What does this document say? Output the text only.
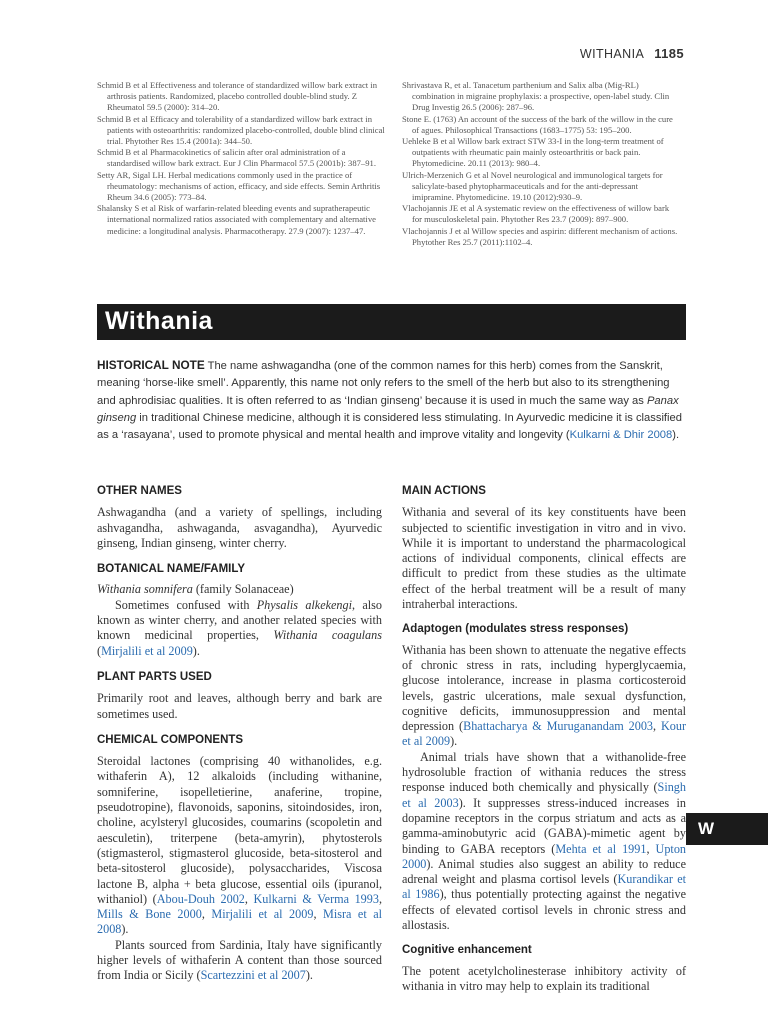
WITHANIA 1185

Schmid B et al Effectiveness and tolerance of standardized willow bark extract in arthrosis patients. Randomized, placebo controlled double-blind study. Z Rheumatol 59.5 (2000): 314–20.

Schmid B et al Efficacy and tolerability of a standardized willow bark extract in patients with osteoarthritis: randomized placebo-controlled, double blind clinical trial. Phytother Res 15.4 (2001a): 344–50.

Schmid B et al Pharmacokinetics of salicin after oral administration of a standardised willow bark extract. Eur J Clin Pharmacol 57.5 (2001b): 387–91.

Setty AR, Sigal LH. Herbal medications commonly used in the practice of rheumatology: mechanisms of action, efficacy, and side effects. Semin Arthritis Rheum 34.6 (2005): 773–84.

Shalansky S et al Risk of warfarin-related bleeding events and supratherapeutic international normalized ratios associated with complementary and alternative medicine: a longitudinal analysis. Pharmacotherapy. 27.9 (2007): 1237–47.

Shrivastava R, et al. Tanacetum parthenium and Salix alba (Mig-RL) combination in migraine prophylaxis: a prospective, open-label study. Clin Drug Investig 26.5 (2006): 287–96.

Stone E. (1763) An account of the success of the bark of the willow in the cure of agues. Philosophical Transactions (1683–1775) 53: 195–200.

Uehleke B et al Willow bark extract STW 33-I in the long-term treatment of outpatients with rheumatic pain mainly osteoarthritis or back pain. Phytomedicine. 20.11 (2013): 980–4.

Ulrich-Merzenich G et al Novel neurological and immunological targets for salicylate-based phytopharmaceuticals and for the anti-depressant imipramine. Phytomedicine. 19.10 (2012):930–9.

Vlachojannis JE et al A systematic review on the effectiveness of willow bark for musculoskeletal pain. Phytother Res 23.7 (2009): 897–900.

Vlachojannis J et al Willow species and aspirin: different mechanism of actions. Phytother Res 25.7 (2011):1102–4.

Withania
HISTORICAL NOTE The name ashwagandha (one of the common names for this herb) comes from the Sanskrit, meaning ‘horse-like smell’. Apparently, this name not only refers to the smell of the herb but also to its strengthening and aphrodisiac qualities. It is often referred to as ‘Indian ginseng’ because it is used in much the same way as Panax ginseng in traditional Chinese medicine, although it is considered less stimulating. In Ayurvedic medicine it is classified as a ‘rasayana’, used to promote physical and mental health and improve vitality and longevity (Kulkarni & Dhir 2008).

OTHER NAMES

Ashwagandha (and a variety of spellings, including ashvagandha, ashwaganda, asvagandha), Ayurvedic ginseng, Indian ginseng, winter cherry.

BOTANICAL NAME/FAMILY

Withania somnifera (family Solanaceae)

Sometimes confused with Physalis alkekengi, also known as winter cherry, and another related species with known medicinal properties, Withania coagulans (Mirjalili et al 2009).

PLANT PARTS USED

Primarily root and leaves, although berry and bark are sometimes used.

CHEMICAL COMPONENTS

Steroidal lactones (comprising 40 withanolides, e.g. withaferin A), 12 alkaloids (including withanine, somniferine, isopelletierine, anaferine, tropine, pseudotropine), flavonoids, saponins, sitoindosides, iron, choline, acylsteryl glucosides, coumarins (scopoletin and aesculetin), triterpene (beta-amyrin), phytosterols (stigmasterol, stigmasterol glucoside, beta-sitosterol and beta-sitosterol glucoside), polysaccharides, Viscosa lactone B, alpha + beta glucose, essential oils (ipuranol, withaniol) (Abou-Douh 2002, Kulkarni & Verma 1993, Mills & Bone 2000, Mirjalili et al 2009, Misra et al 2008).

Plants sourced from Sardinia, Italy have significantly higher levels of withaferin A content than those sourced from India or Sicily (Scartezzini et al 2007).

MAIN ACTIONS

Withania and several of its key constituents have been subjected to scientific investigation in vitro and in vivo. While it is important to understand the pharmacological actions of individual components, clinical effects are difficult to predict from these studies as the ultimate effect of the herbal treatment will be a result of many intraherbal interactions.

Adaptogen (modulates stress responses)

Withania has been shown to attenuate the negative effects of chronic stress in rats, including hyperglycaemia, glucose intolerance, increase in plasma corticosteroid levels, gastric ulcerations, male sexual dysfunction, cognitive deficits, immunosuppression and mental depression (Bhattacharya & Muruganandam 2003, Kour et al 2009).

Animal trials have shown that a withanolide-free hydrosoluble fraction of withania reduces the stress response induced both chemically and physically (Singh et al 2003). It suppresses stress-induced increases in dopamine receptors in the corpus striatum and acts as a gamma-aminobutyric acid (GABA)-mimetic agent by binding to GABA receptors (Mehta et al 1991, Upton 2000). Animal studies also suggest an ability to reduce adrenal weight and plasma cortisol levels (Kurandikar et al 1986), thus potentially protecting against the negative effects of elevated cortisol levels in chronic stress and allostasis.

Cognitive enhancement

The potent acetylcholinesterase inhibitory activity of withania in vitro may help to explain its traditional

W
